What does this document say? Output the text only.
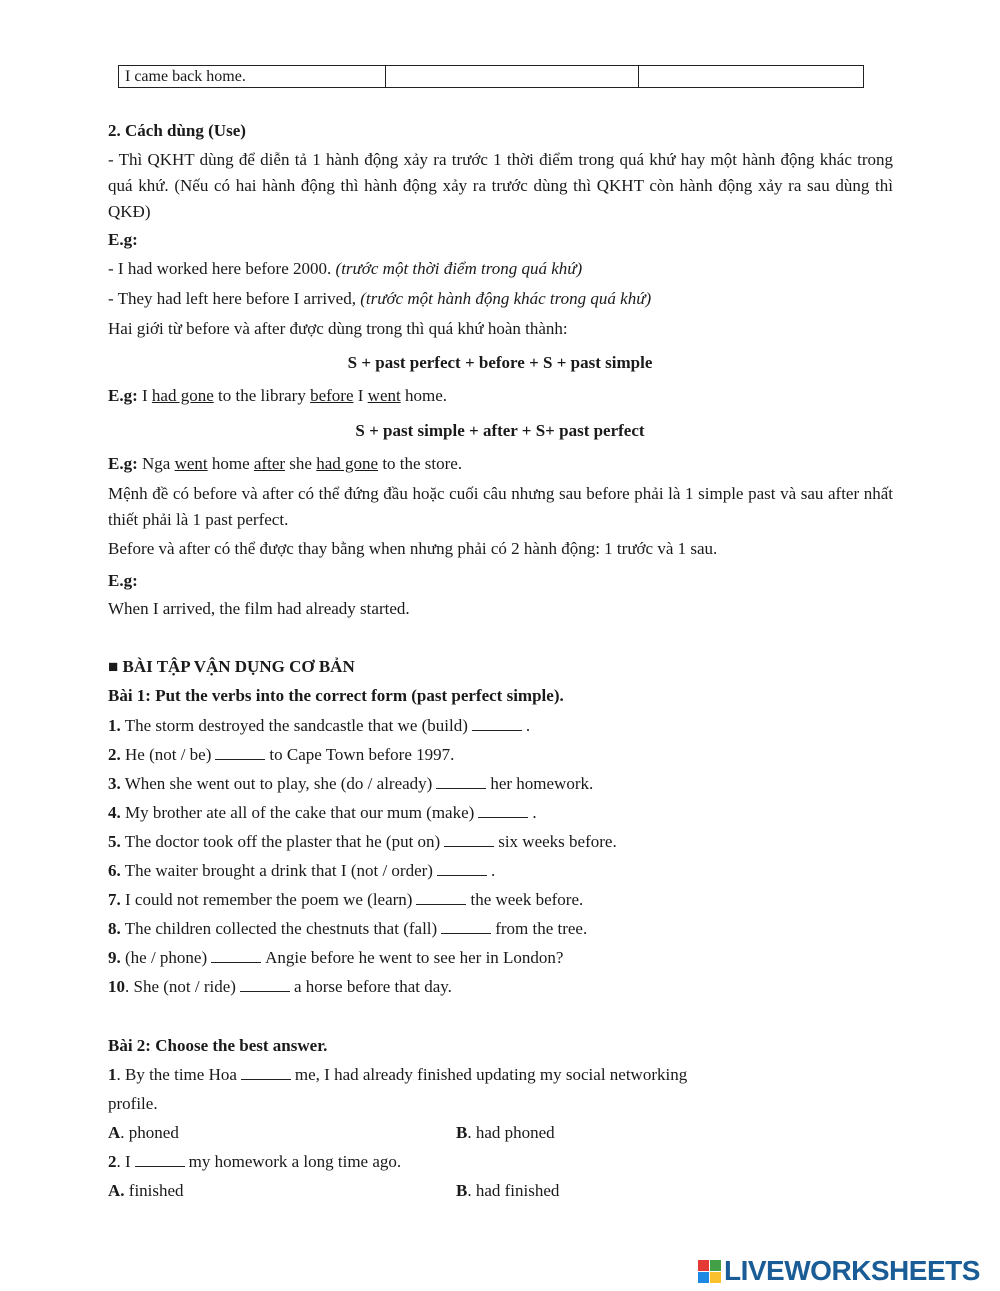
I came back home.		
2. Cách dùng (Use)
- Thì QKHT dùng để diễn tả 1 hành động xảy ra trước 1 thời điểm trong quá khứ hay một hành động khác trong quá khứ. (Nếu có hai hành động thì hành động xảy ra trước dùng thì QKHT còn hành động xảy ra sau dùng thì QKĐ)
E.g:
- I had worked here before 2000. (trước một thời điểm trong quá khứ)
- They had left here before I arrived, (trước một hành động khác trong quá khứ)
Hai giới từ before và after được dùng trong thì quá khứ hoàn thành:
S + past perfect + before + S + past simple
E.g: I had gone to the library before I went home.
S + past simple + after + S+ past perfect
E.g: Nga went home after she had gone to the store.
Mệnh đề có before và after có thể đứng đầu hoặc cuối câu nhưng sau before phải là 1 simple past và sau after nhất thiết phải là 1 past perfect.
Before và after có thể được thay bằng when nhưng phải có 2 hành động: 1 trước và 1 sau.
E.g:
When I arrived, the film had already started.
■ BÀI TẬP VẬN DỤNG CƠ BẢN
Bài 1: Put the verbs into the correct form (past perfect simple).
1. The storm destroyed the sandcastle that we (build)	.
2. He (not / be)	to Cape Town before 1997.
3. When she went out to play, she (do / already)	her homework.
4. My brother ate all of the cake that our mum (make)	.
5. The doctor took off the plaster that he (put on)	six weeks before.
6. The waiter brought a drink that I (not / order)	.
7. I could not remember the poem we (learn)	the week before.
8. The children collected the chestnuts that (fall)	from the tree.
9. (he / phone)	Angie before he went to see her in London?
10. She (not / ride)	a horse before that day.
Bài 2: Choose the best answer.
1. By the time Hoa	me, I had already finished updating my social networking
profile.
A. phoned	B. had phoned
2. I	my homework a long time ago.
A. finished	B. had finished
LIVEWORKSHEETS
